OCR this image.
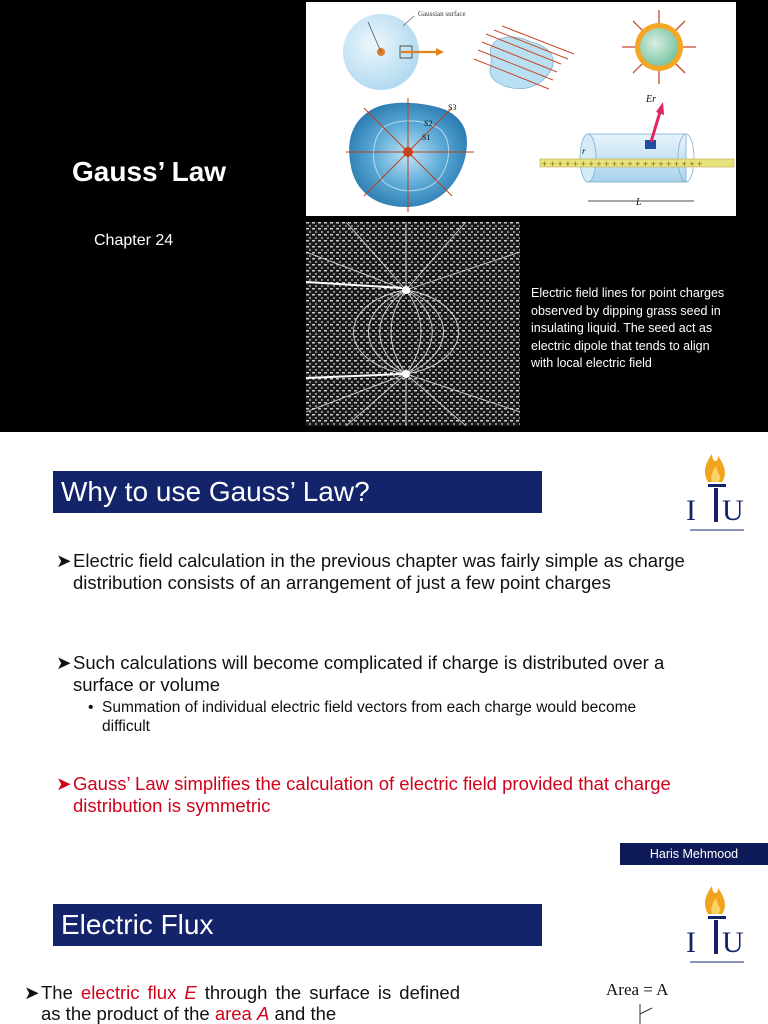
Gauss’ Law
Chapter 24
Gaussian surface
S3
S2
S1
+ + + + + + + + + + + + + + + + + + + + +
Er
r
L
Electric field lines for point charges observed by dipping grass seed in insulating liquid. The seed act as electric dipole that tends to align with local electric field
Why to use Gauss’ Law?
I U
➤ Electric field calculation in the previous chapter was fairly simple as charge distribution consists of an arrangement of just a few point charges
➤ Such calculations will become complicated if charge is distributed over a surface or volume
• Summation of individual electric field vectors from each charge would become difficult
➤ Gauss’ Law simplifies the calculation of electric field provided that charge distribution is symmetric
Haris Mehmood
Electric Flux
I U
➤ The electric flux E through the surface is defined as the product of the area A and the
Area = A
